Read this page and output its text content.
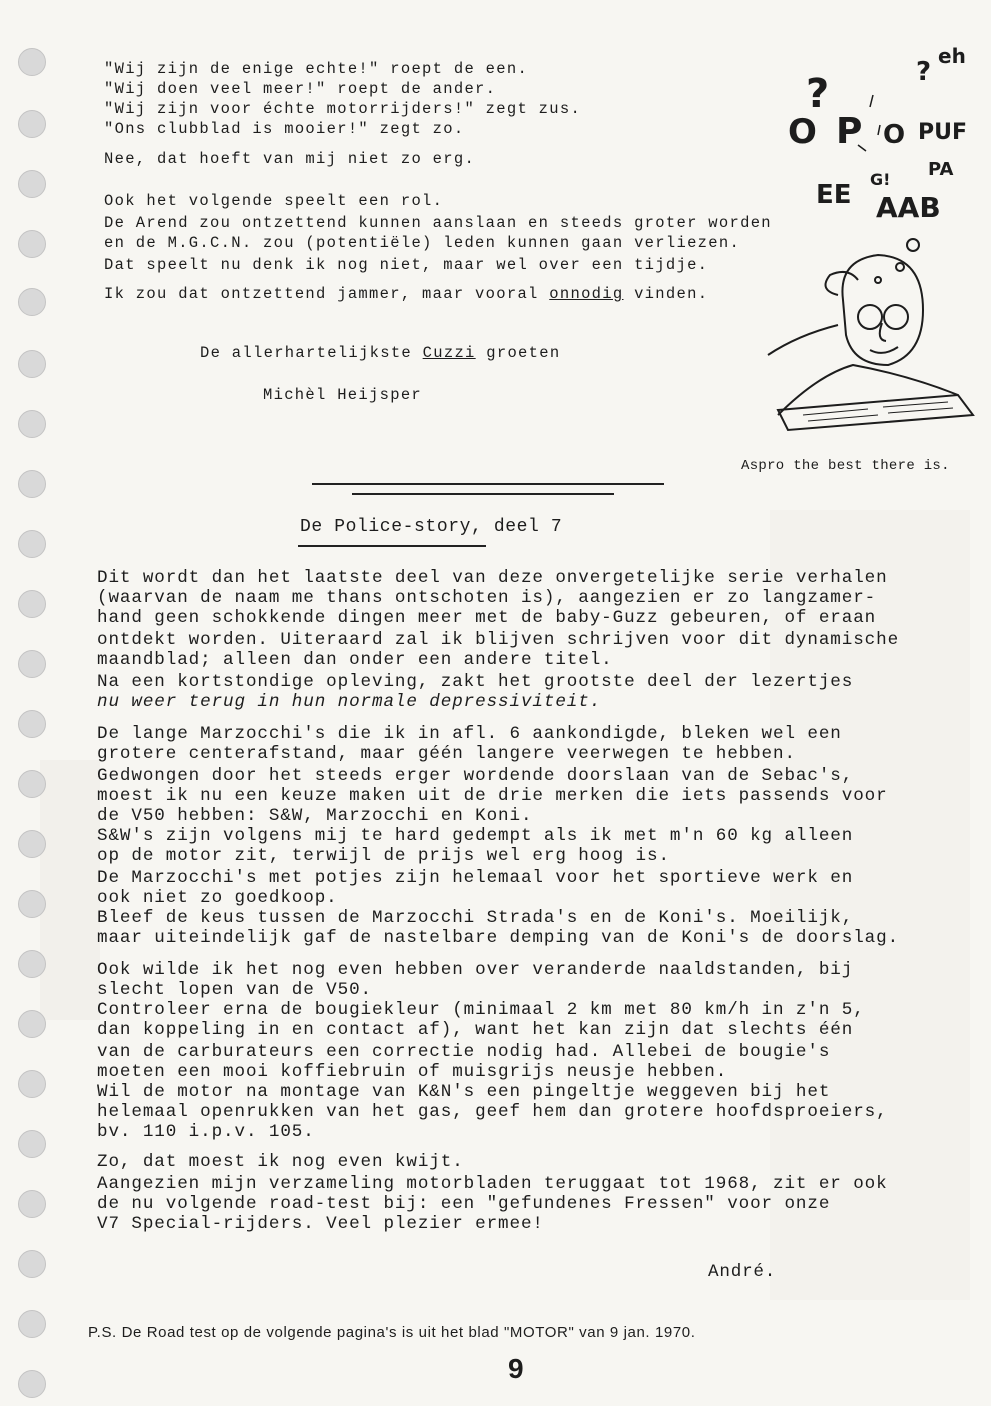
"Wij zijn de enige echte!" roept de een.
"Wij doen veel meer!" roept de ander.
"Wij zijn voor échte motorrijders!" zegt zus.
"Ons clubblad is mooier!" zegt zo.
Nee, dat hoeft van mij niet zo erg.
Ook het volgende speelt een rol.
De Arend zou ontzettend kunnen aanslaan en steeds groter worden
en de M.G.C.N. zou (potentiële) leden kunnen gaan verliezen.
Dat speelt nu denk ik nog niet, maar wel over een tijdje.
Ik zou dat ontzettend jammer, maar vooral onnodig vinden.
De allerhartelijkste Cuzzi groeten
Michèl Heijsper
?	?
eh
O P O PUF
EE
G! PA
AAB
Aspro the best there is.
De Police-story, deel 7
Dit wordt dan het laatste deel van deze onvergetelijke serie verhalen
(waarvan de naam me thans ontschoten is), aangezien er zo langzamer-
hand geen schokkende dingen meer met de baby-Guzz gebeuren, of eraan
ontdekt worden. Uiteraard zal ik blijven schrijven voor dit dynamische
maandblad; alleen dan onder een andere titel.
Na een kortstondige opleving, zakt het grootste deel der lezertjes
nu weer terug in hun normale depressiviteit.
De lange Marzocchi's die ik in afl. 6 aankondigde, bleken wel een
grotere centerafstand, maar géén langere veerwegen te hebben.
Gedwongen door het steeds erger wordende doorslaan van de Sebac's,
moest ik nu een keuze maken uit de drie merken die iets passends voor
de V50 hebben: S&W, Marzocchi en Koni.
S&W's zijn volgens mij te hard gedempt als ik met m'n 60 kg alleen
op de motor zit, terwijl de prijs wel erg hoog is.
De Marzocchi's met potjes zijn helemaal voor het sportieve werk en
ook niet zo goedkoop.
Bleef de keus tussen de Marzocchi Strada's en de Koni's. Moeilijk,
maar uiteindelijk gaf de nastelbare demping van de Koni's de doorslag.
Ook wilde ik het nog even hebben over veranderde naaldstanden, bij
slecht lopen van de V50.
Controleer erna de bougiekleur (minimaal 2 km met 80 km/h in z'n 5,
dan koppeling in en contact af), want het kan zijn dat slechts één
van de carburateurs een correctie nodig had. Allebei de bougie's
moeten een mooi koffiebruin of muisgrijs neusje hebben.
Wil de motor na montage van K&N's een pingeltje weggeven bij het
helemaal openrukken van het gas, geef hem dan grotere hoofdsproeiers,
bv. 110 i.p.v. 105.
Zo, dat moest ik nog even kwijt.
Aangezien mijn verzameling motorbladen teruggaat tot 1968, zit er ook
de nu volgende road-test bij: een "gefundenes Fressen" voor onze
V7 Special-rijders. Veel plezier ermee!
André.
P.S. De Road test op de volgende pagina's is uit het blad "MOTOR" van 9 jan. 1970.
9
